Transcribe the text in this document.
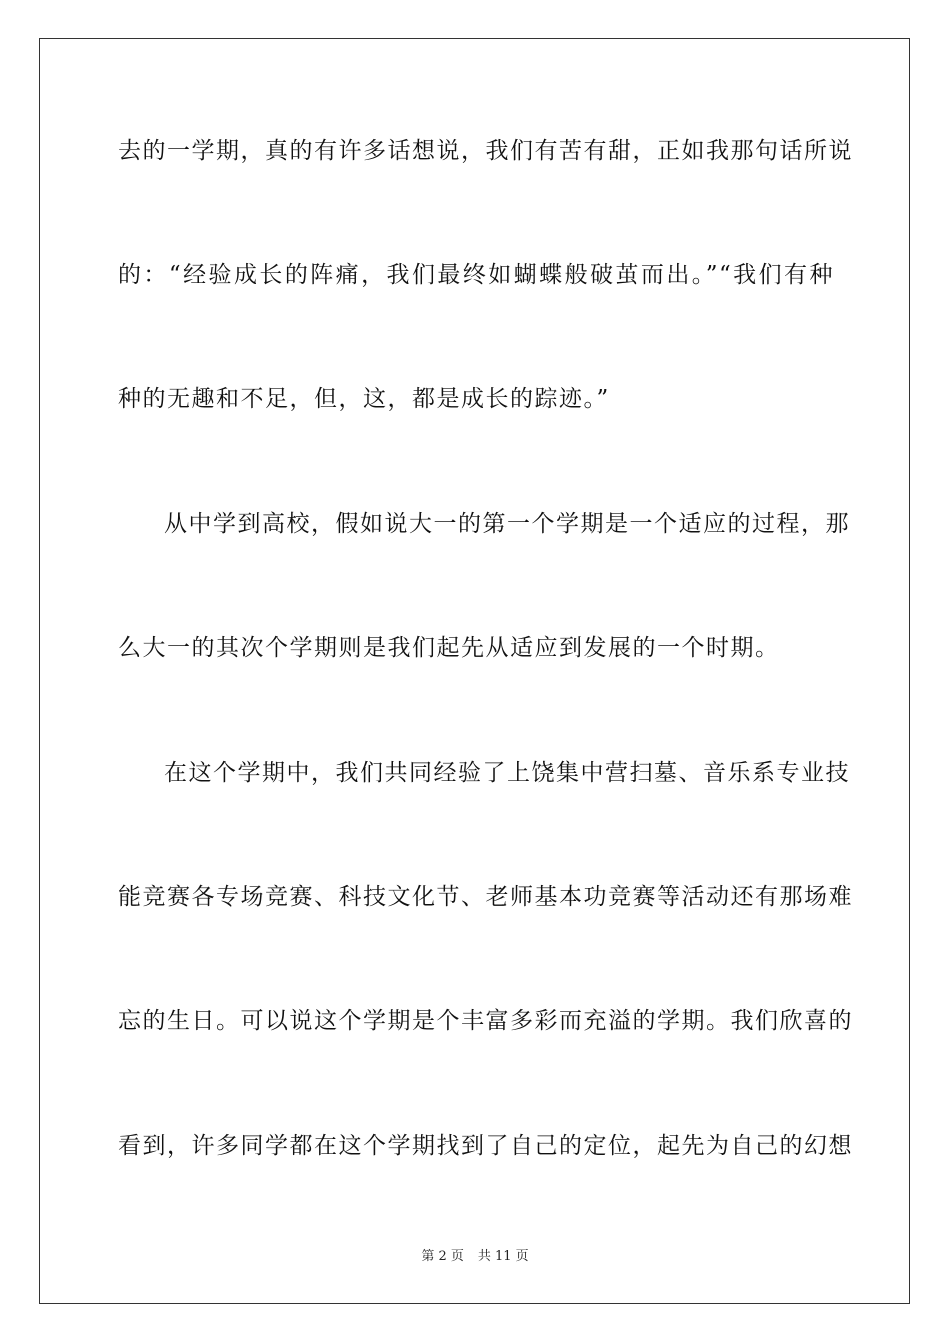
去的一学期，真的有许多话想说，我们有苦有甜，正如我那句话所说
的：“经验成长的阵痛，我们最终如蝴蝶般破茧而出。”“我们有种
种的无趣和不足，但，这，都是成长的踪迹。”
从中学到高校，假如说大一的第一个学期是一个适应的过程，那
么大一的其次个学期则是我们起先从适应到发展的一个时期。
在这个学期中，我们共同经验了上饶集中营扫墓、音乐系专业技
能竞赛各专场竞赛、科技文化节、老师基本功竞赛等活动还有那场难
忘的生日。可以说这个学期是个丰富多彩而充溢的学期。我们欣喜的
看到，许多同学都在这个学期找到了自己的定位，起先为自己的幻想
第 2 页 共 11 页
